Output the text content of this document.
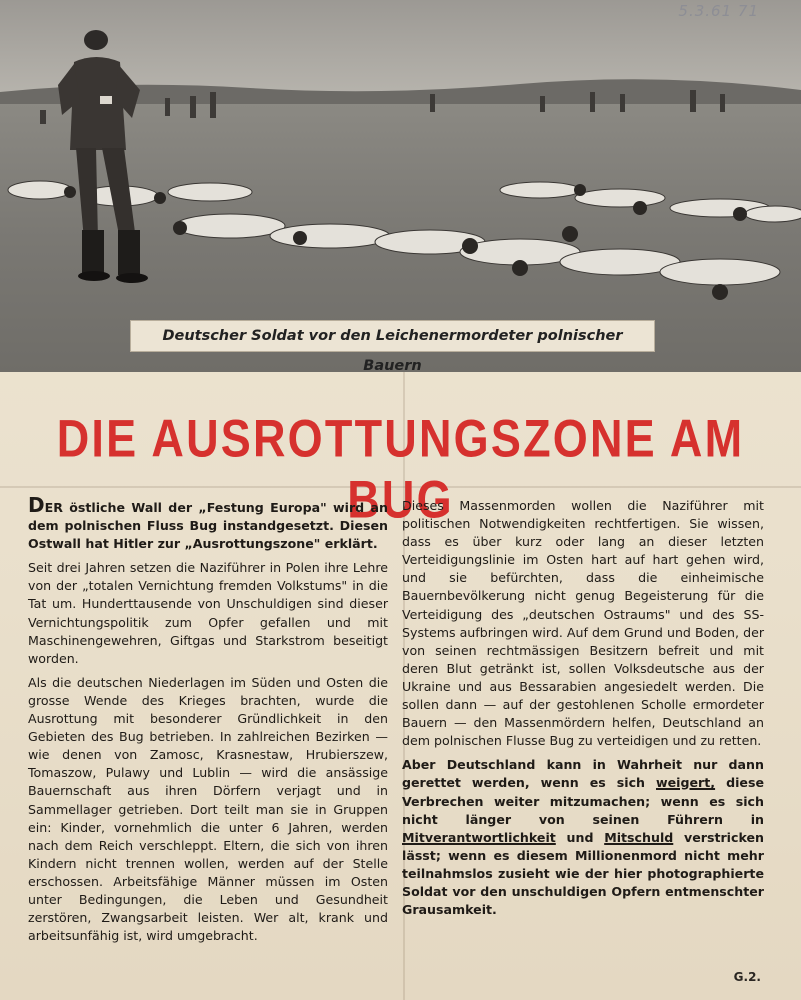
5.3.61 71
Deutscher Soldat vor den Leichenermordeter polnischer Bauern
DIE AUSROTTUNGSZONE AM BUG

DER östliche Wall der „Festung Europa" wird an dem polnischen Fluss Bug instandgesetzt. Diesen Ostwall hat Hitler zur „Ausrottungszone" erklärt.

Seit drei Jahren setzen die Naziführer in Polen ihre Lehre von der „totalen Vernichtung fremden Volkstums" in die Tat um. Hunderttausende von Unschuldigen sind dieser Vernichtungspolitik zum Opfer gefallen und mit Maschinengewehren, Giftgas und Starkstrom beseitigt worden.

Als die deutschen Niederlagen im Süden und Osten die grosse Wende des Krieges brachten, wurde die Ausrottung mit besonderer Gründlichkeit in den Gebieten des Bug betrieben. In zahlreichen Bezirken — wie denen von Zamosc, Krasnestaw, Hrubierszew, Tomaszow, Pulawy und Lublin — wird die ansässige Bauernschaft aus ihren Dörfern verjagt und in Sammellager getrieben. Dort teilt man sie in Gruppen ein: Kinder, vornehmlich die unter 6 Jahren, werden nach dem Reich verschleppt. Eltern, die sich von ihren Kindern nicht trennen wollen, werden auf der Stelle erschossen. Arbeitsfähige Männer müssen im Osten unter Bedingungen, die Leben und Gesundheit zerstören, Zwangsarbeit leisten. Wer alt, krank und arbeitsunfähig ist, wird umgebracht.

Dieses Massenmorden wollen die Naziführer mit politischen Notwendigkeiten rechtfertigen. Sie wissen, dass es über kurz oder lang an dieser letzten Verteidigungslinie im Osten hart auf hart gehen wird, und sie befürchten, dass die einheimische Bauernbevölkerung nicht genug Begeisterung für die Verteidigung des „deutschen Ostraums" und des SS-Systems aufbringen wird. Auf dem Grund und Boden, der von seinen rechtmässigen Besitzern befreit und mit deren Blut getränkt ist, sollen Volksdeutsche aus der Ukraine und aus Bessarabien angesiedelt werden. Die sollen dann — auf der gestohlenen Scholle ermordeter Bauern — den Massenmördern helfen, Deutschland an dem polnischen Flusse Bug zu verteidigen und zu retten.

Aber Deutschland kann in Wahrheit nur dann gerettet werden, wenn es sich weigert, diese Verbrechen weiter mitzumachen; wenn es sich nicht länger von seinen Führern in Mitverantwortlichkeit und Mitschuld verstricken lässt; wenn es diesem Millionenmord nicht mehr teilnahmslos zusieht wie der hier photographierte Soldat vor den unschuldigen Opfern entmenschter Grausamkeit.

G.2.
